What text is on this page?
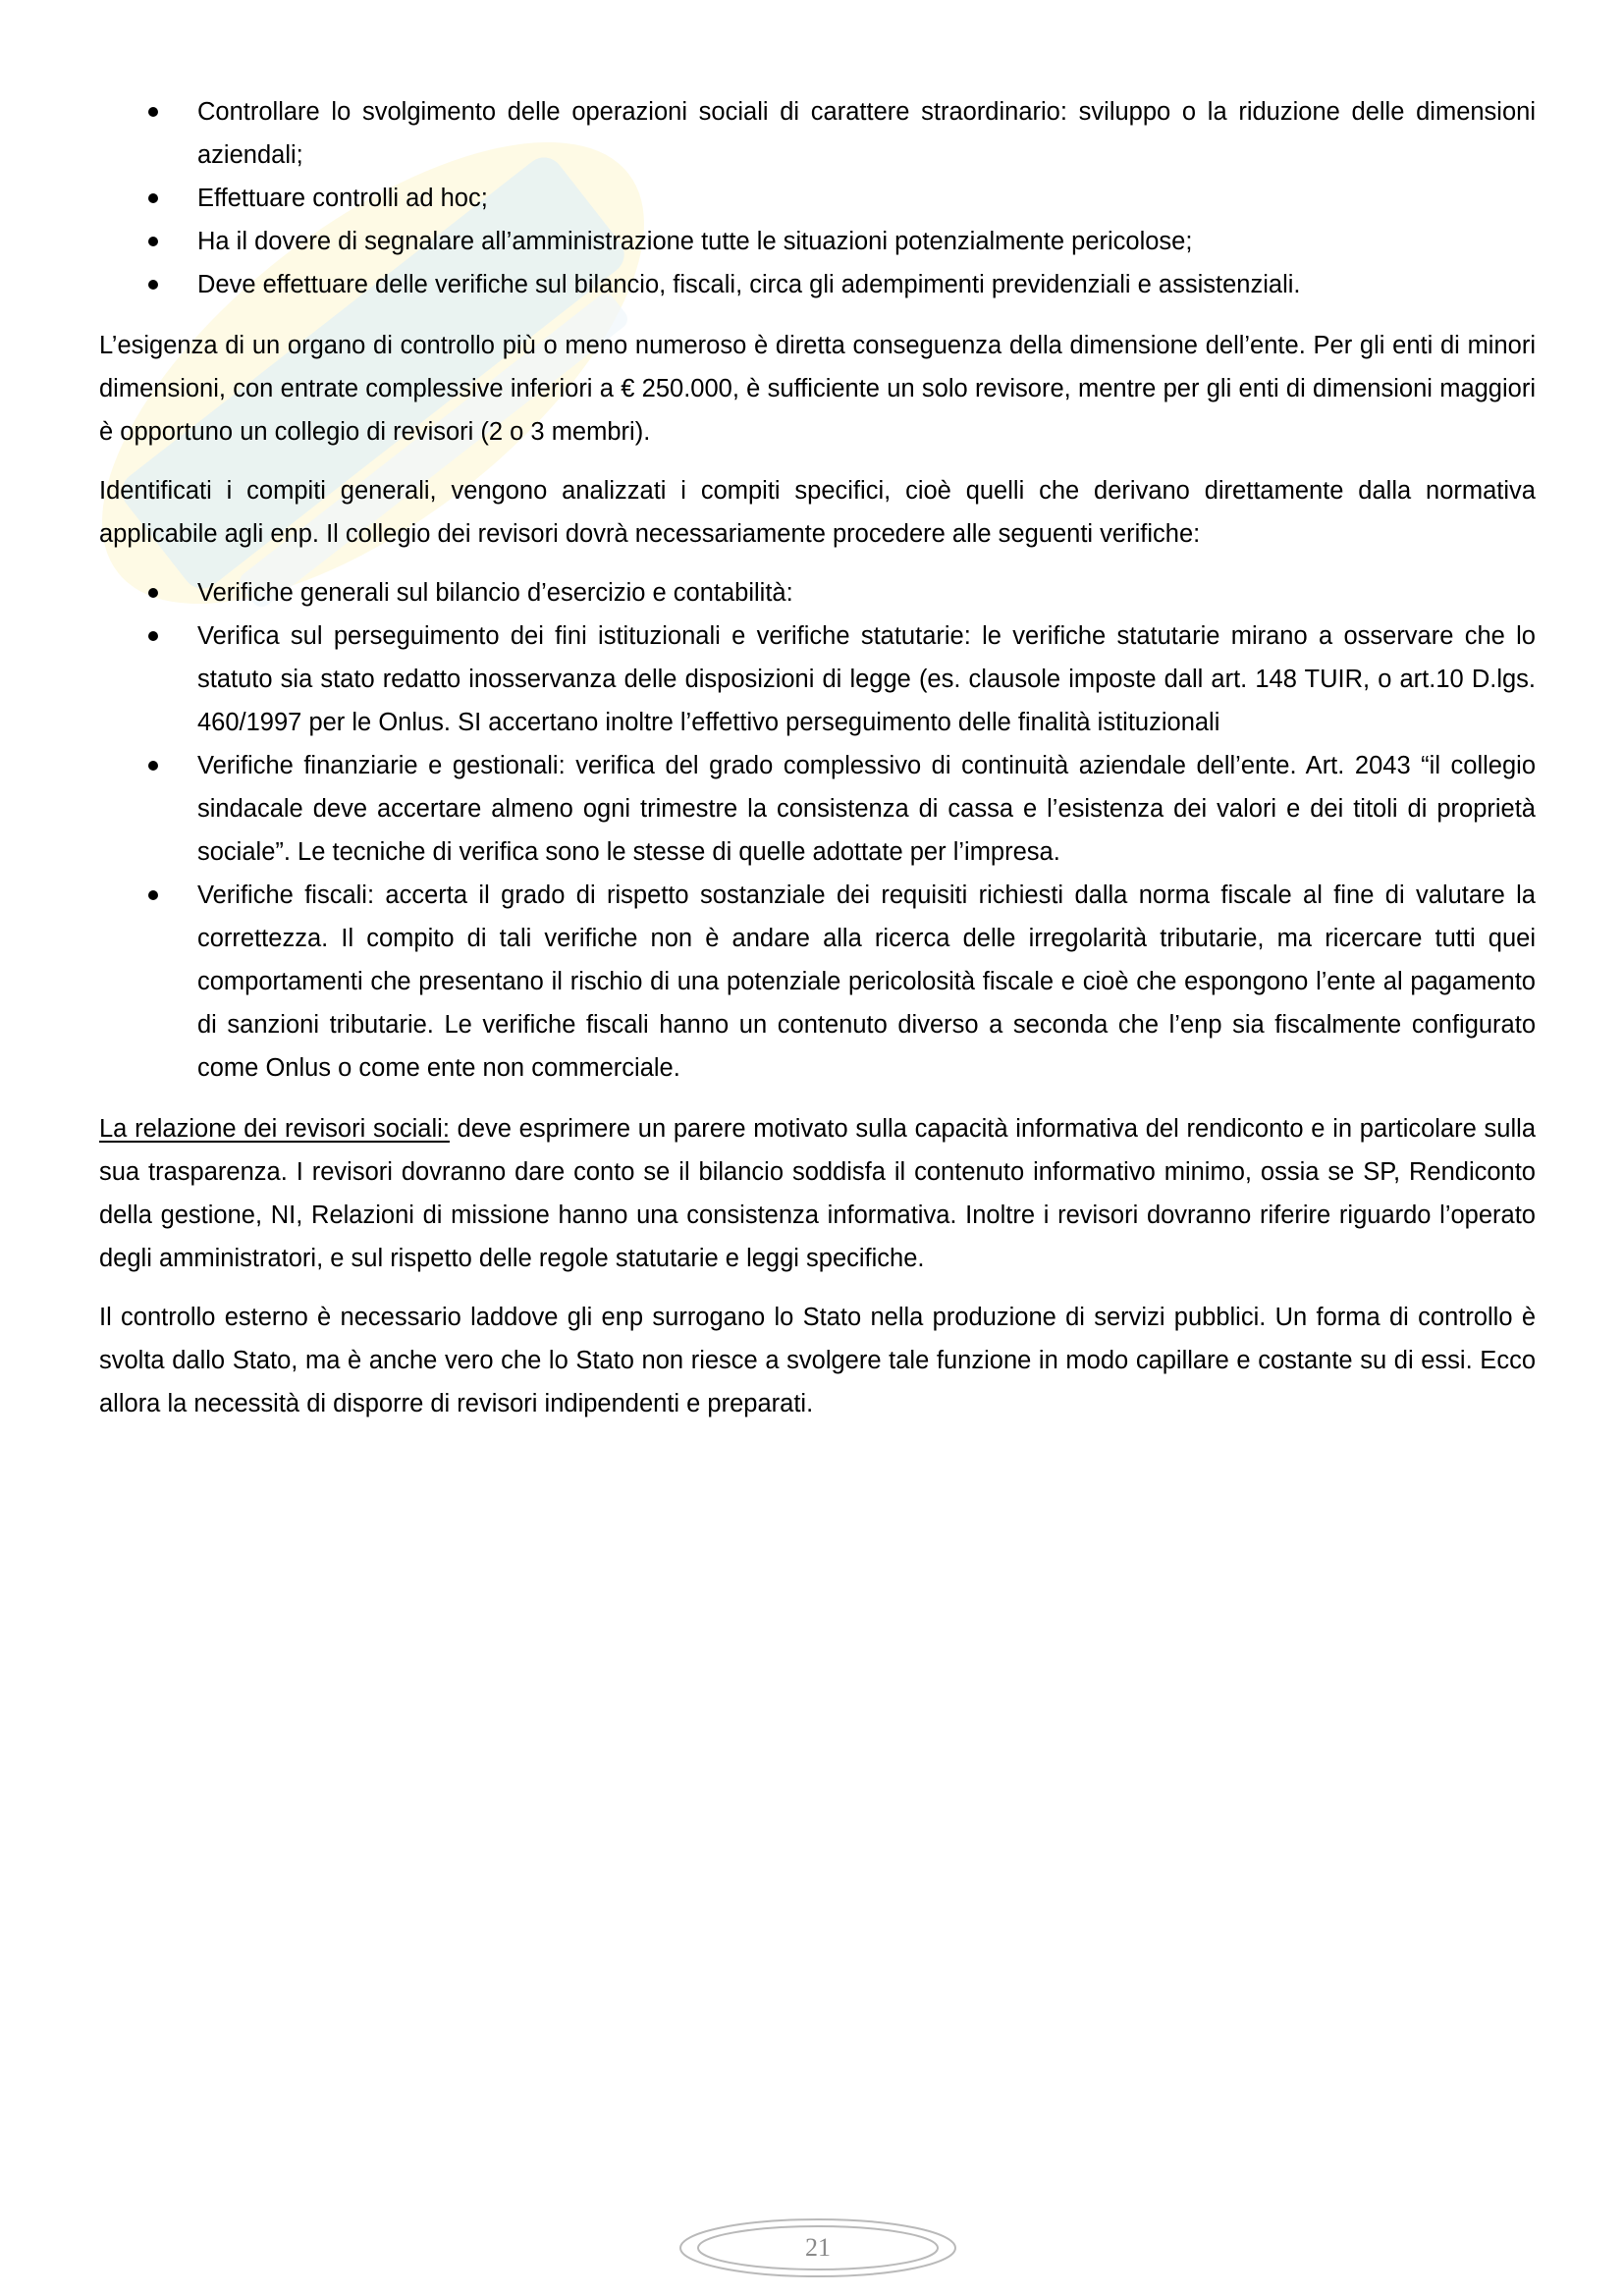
Controllare lo svolgimento delle operazioni sociali di carattere straordinario: sviluppo o la riduzione delle dimensioni aziendali;
Effettuare controlli ad hoc;
Ha il dovere di segnalare all’amministrazione tutte le situazioni potenzialmente pericolose;
Deve effettuare delle verifiche sul bilancio, fiscali, circa gli adempimenti previdenziali e assistenziali.

L’esigenza di un organo di controllo più o meno numeroso è diretta conseguenza della dimensione dell’ente. Per gli enti di minori dimensioni, con entrate complessive inferiori a € 250.000, è sufficiente un solo revisore, mentre per gli enti di dimensioni maggiori è opportuno un collegio di revisori (2 o 3 membri).

Identificati i compiti generali, vengono analizzati i compiti specifici, cioè quelli che derivano direttamente dalla normativa applicabile agli enp. Il collegio dei revisori dovrà necessariamente procedere alle seguenti verifiche:

Verifiche generali sul bilancio d’esercizio e contabilità:
Verifica sul perseguimento dei fini istituzionali e verifiche statutarie: le verifiche statutarie mirano a osservare che lo statuto sia stato redatto inosservanza delle disposizioni di legge (es. clausole imposte dall art. 148 TUIR, o art.10 D.lgs. 460/1997 per le Onlus. SI accertano inoltre l’effettivo perseguimento delle finalità istituzionali
Verifiche finanziarie e gestionali: verifica del grado complessivo di continuità aziendale dell’ente. Art. 2043 “il collegio sindacale deve accertare almeno ogni trimestre la consistenza di cassa e l’esistenza dei valori e dei titoli di proprietà sociale”. Le tecniche di verifica sono le stesse di quelle adottate per l’impresa.
Verifiche fiscali: accerta il grado di rispetto sostanziale dei requisiti richiesti dalla norma fiscale al fine di valutare la correttezza. Il compito di tali verifiche non è andare alla ricerca delle irregolarità tributarie, ma ricercare tutti quei comportamenti che presentano il rischio di una potenziale pericolosità fiscale e cioè che espongono l’ente al pagamento di sanzioni tributarie. Le verifiche fiscali hanno un contenuto diverso a seconda che l’enp sia fiscalmente configurato come Onlus o come ente non commerciale.

La relazione dei revisori sociali: deve esprimere un parere motivato sulla capacità informativa del rendiconto e in particolare sulla sua trasparenza. I revisori dovranno dare conto se il bilancio soddisfa il contenuto informativo minimo, ossia se SP, Rendiconto della gestione, NI, Relazioni di missione hanno una consistenza informativa. Inoltre i revisori dovranno riferire riguardo l’operato degli amministratori, e sul rispetto delle regole statutarie e leggi specifiche.

Il controllo esterno è necessario laddove gli enp surrogano lo Stato nella produzione di servizi pubblici. Un forma di controllo è svolta dallo Stato, ma è anche vero che lo Stato non riesce a svolgere tale funzione in modo capillare e costante su di essi. Ecco allora la necessità di disporre di revisori indipendenti e preparati.

21
